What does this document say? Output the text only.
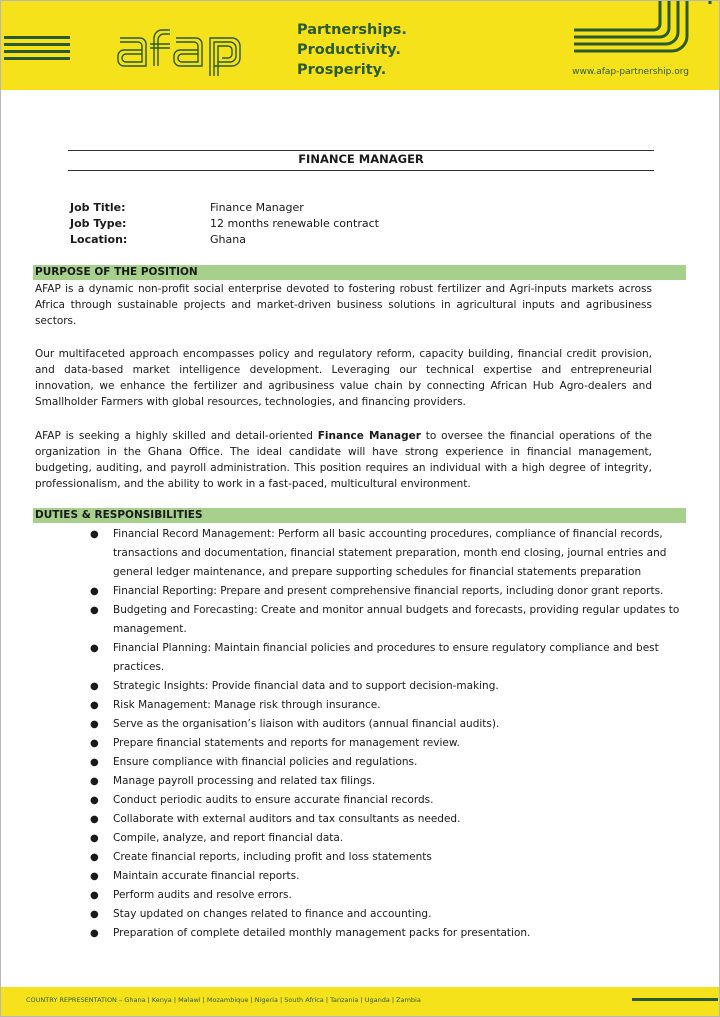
Partnerships.
Productivity.
Prosperity.	www.afap-partnership.org
FINANCE MANAGER
Job Title:	Finance Manager
Job Type:	12 months renewable contract
Location:	Ghana
PURPOSE OF THE POSITION
AFAP is a dynamic non-profit social enterprise devoted to fostering robust fertilizer and Agri-inputs markets across Africa through sustainable projects and market-driven business solutions in agricultural inputs and agribusiness sectors.
Our multifaceted approach encompasses policy and regulatory reform, capacity building, financial credit provision, and data-based market intelligence development. Leveraging our technical expertise and entrepreneurial innovation, we enhance the fertilizer and agribusiness value chain by connecting African Hub Agro-dealers and Smallholder Farmers with global resources, technologies, and financing providers.
AFAP is seeking a highly skilled and detail-oriented Finance Manager to oversee the financial operations of the organization in the Ghana Office. The ideal candidate will have strong experience in financial management, budgeting, auditing, and payroll administration. This position requires an individual with a high degree of integrity, professionalism, and the ability to work in a fast-paced, multicultural environment.
DUTIES & RESPONSIBILITIES
● Financial Record Management: Perform all basic accounting procedures, compliance of financial records, transactions and documentation, financial statement preparation, month end closing, journal entries and general ledger maintenance, and prepare supporting schedules for financial statements preparation
● Financial Reporting: Prepare and present comprehensive financial reports, including donor grant reports.
● Budgeting and Forecasting: Create and monitor annual budgets and forecasts, providing regular updates to management.
● Financial Planning: Maintain financial policies and procedures to ensure regulatory compliance and best practices.
● Strategic Insights: Provide financial data and to support decision-making.
● Risk Management: Manage risk through insurance.
● Serve as the organisation’s liaison with auditors (annual financial audits).
● Prepare financial statements and reports for management review.
● Ensure compliance with financial policies and regulations.
● Manage payroll processing and related tax filings.
● Conduct periodic audits to ensure accurate financial records.
● Collaborate with external auditors and tax consultants as needed.
● Compile, analyze, and report financial data.
● Create financial reports, including profit and loss statements
● Maintain accurate financial reports.
● Perform audits and resolve errors.
● Stay updated on changes related to finance and accounting.
● Preparation of complete detailed monthly management packs for presentation.
COUNTRY REPRESENTATION – Ghana | Kenya | Malawi | Mozambique | Nigeria | South Africa | Tanzania | Uganda | Zambia
